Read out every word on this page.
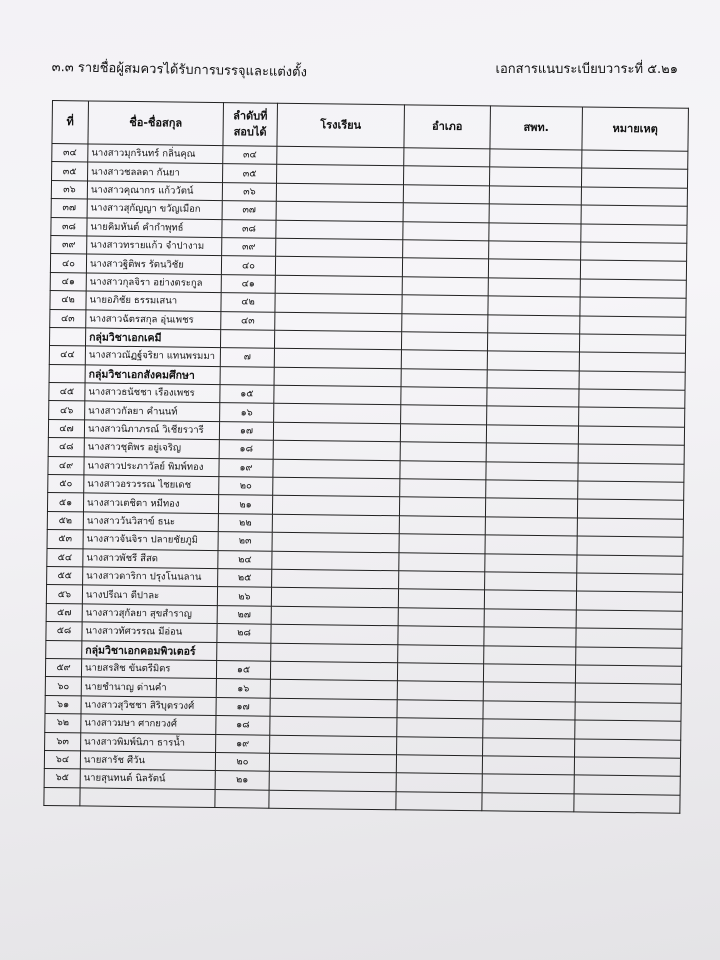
๓.๓ รายชื่อผู้สมควรได้รับการบรรจุและแต่งตั้ง	เอกสารแนบระเบียบวาระที่ ๕.๒๑
ที่	ชื่อ-ชื่อสกุล	ลำดับที่
สอบได้	โรงเรียน	อำเภอ	สพท.	หมายเหตุ
๓๔	นางสาวมุกรินทร์ กลิ่นคุณ	๓๔				
๓๕	นางสาวชลลดา กันยา	๓๕				
๓๖	นางสาวคุณากร แก้ววัตน์	๓๖				
๓๗	นางสาวสุกัญญา ขวัญเมือก	๓๗				
๓๘	นายคิมหันต์ คำกำพุทธ์	๓๘				
๓๙	นางสาวทรายแก้ว จำปางาม	๓๙				
๔๐	นางสาวฐิติพร รัตนวิชัย	๔๐				
๔๑	นางสาวกุลจิรา อย่างตระกูล	๔๑				
๔๒	นายอภิชัย ธรรมเสนา	๔๒				
๔๓	นางสาวฉัตรสกุล อุ่นเพชร	๔๓				
	กลุ่มวิชาเอกเคมี					
๔๔	นางสาวณัฏฐ์จริยา แทนพรมมา	๗				
	กลุ่มวิชาเอกสังคมศึกษา					
๔๕	นางสาวธนัชชา เรืองเพชร	๑๕				
๔๖	นางสาวกัลยา คำนนท์	๑๖				
๔๗	นางสาวนิภาภรณ์ วิเชียรวารี	๑๗				
๔๘	นางสาวชุติพร อยู่เจริญ	๑๘				
๔๙	นางสาวประภาวัลย์ พิมพ์ทอง	๑๙				
๕๐	นางสาวอรวรรณ ไชยเดช	๒๐				
๕๑	นางสาวเตชิตา หมีทอง	๒๑				
๕๒	นางสาววันวิสาข์ ธนะ	๒๒				
๕๓	นางสาวจันจิรา ปลายชัยภูมิ	๒๓				
๕๔	นางสาวพัชรี สีสด	๒๔				
๕๕	นางสาวดาริกา ปรุงโนนลาน	๒๕				
๕๖	นางปรีณา ดีปาละ	๒๖				
๕๗	นางสาวสุกัลยา สุขสำราญ	๒๗				
๕๘	นางสาวทัศวรรณ มีอ่อน	๒๘				
	กลุ่มวิชาเอกคอมพิวเตอร์					
๕๙	นายสรสิช ขันตรีมิตร	๑๕				
๖๐	นายชำนาญ ด่านคำ	๑๖				
๖๑	นางสาวสุวิชชา สิริบุตรวงศ์	๑๗				
๖๒	นางสาวมษา ศากยวงศ์	๑๘				
๖๓	นางสาวพิมพ์นิภา ธารน้ำ	๑๙				
๖๔	นายสารัช ศีวัน	๒๐				
๖๕	นายสุนทนต์ นิลรัตน์	๒๑				
